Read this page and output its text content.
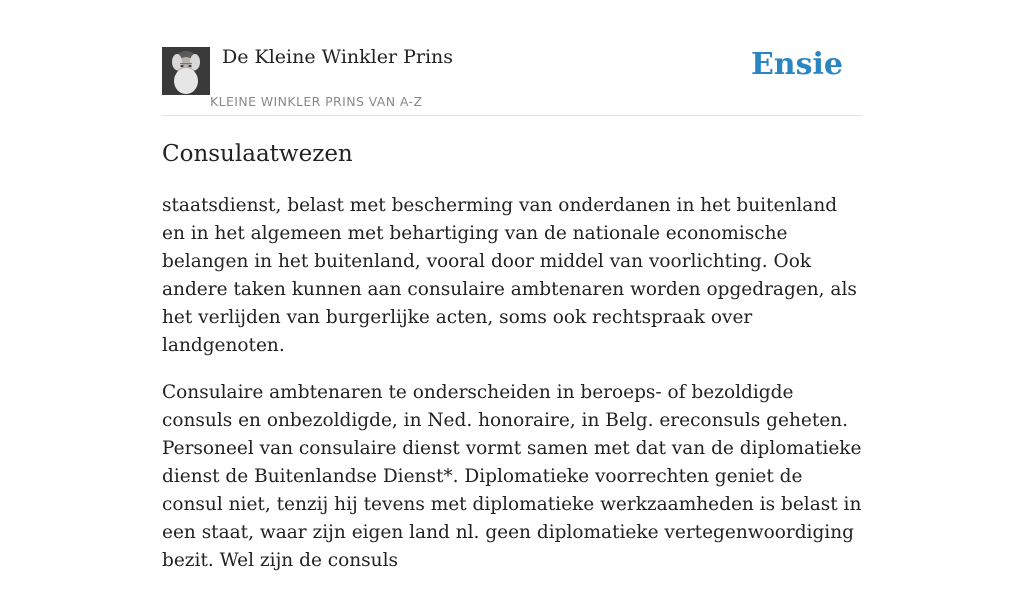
De Kleine Winkler Prins
KLEINE WINKLER PRINS VAN A-Z
Ensie
Consulaatwezen

staatsdienst, belast met bescherming van onderdanen in het buitenland en in het algemeen met behartiging van de nationale economische belangen in het buitenland, vooral door middel van voorlichting. Ook andere taken kunnen aan consulaire ambtenaren worden opgedragen, als het verlijden van burgerlijke acten, soms ook rechtspraak over landgenoten.

Consulaire ambtenaren te onderscheiden in beroeps- of bezoldigde consuls en onbezoldigde, in Ned. honoraire, in Belg. ereconsuls geheten. Personeel van consulaire dienst vormt samen met dat van de diplomatieke dienst de Buitenlandse Dienst*. Diplomatieke voorrechten geniet de consul niet, tenzij hij tevens met diplomatieke werkzaamheden is belast in een staat, waar zijn eigen land nl. geen diplomatieke vertegenwoordiging bezit. Wel zijn de consuls
